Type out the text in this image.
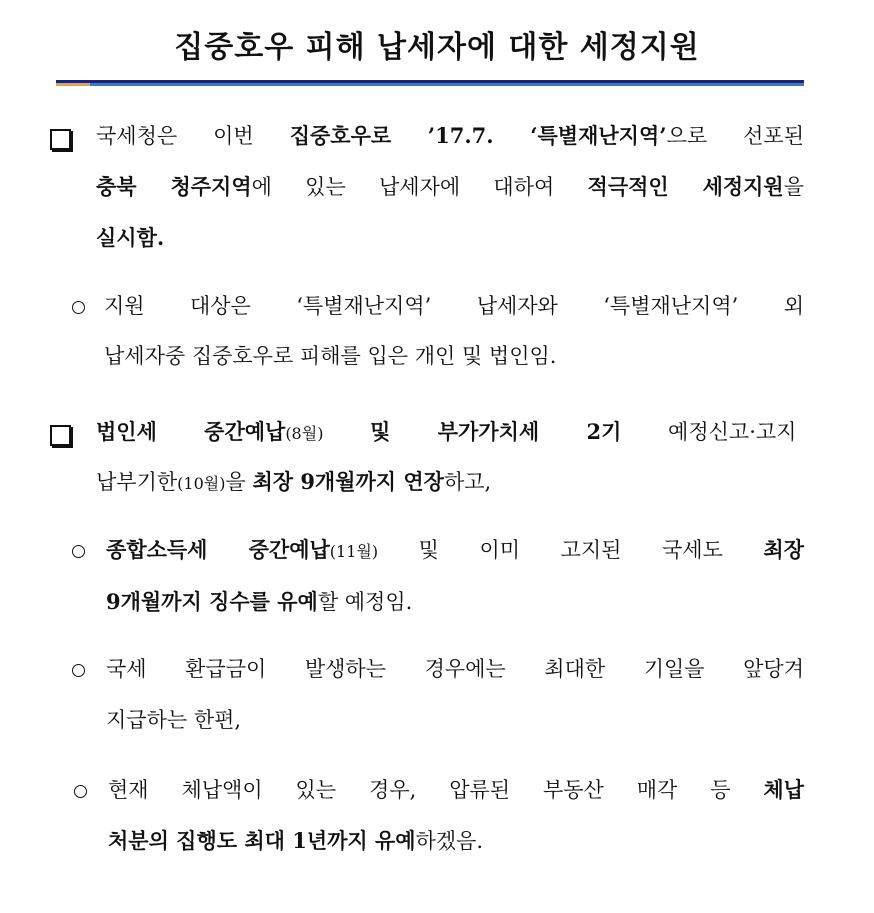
집중호우 피해 납세자에 대한 세정지원
국세청은 이번 집중호우로 ’17.7. ‘특별재난지역’으로 선포된
충북 청주지역에 있는 납세자에 대하여 적극적인 세정지원을
실시함.
지원 대상은 ‘특별재난지역’ 납세자와 ‘특별재난지역’ 외
납세자중 집중호우로 피해를 입은 개인 및 법인임.
법인세 중간예납(8월) 및 부가가치세 2기 예정신고·고지
납부기한(10월)을 최장 9개월까지 연장하고,
종합소득세 중간예납(11월) 및 이미 고지된 국세도 최장
9개월까지 징수를 유예할 예정임.
국세 환급금이 발생하는 경우에는 최대한 기일을 앞당겨
지급하는 한편,
현재 체납액이 있는 경우, 압류된 부동산 매각 등 체납
처분의 집행도 최대 1년까지 유예하겠음.
